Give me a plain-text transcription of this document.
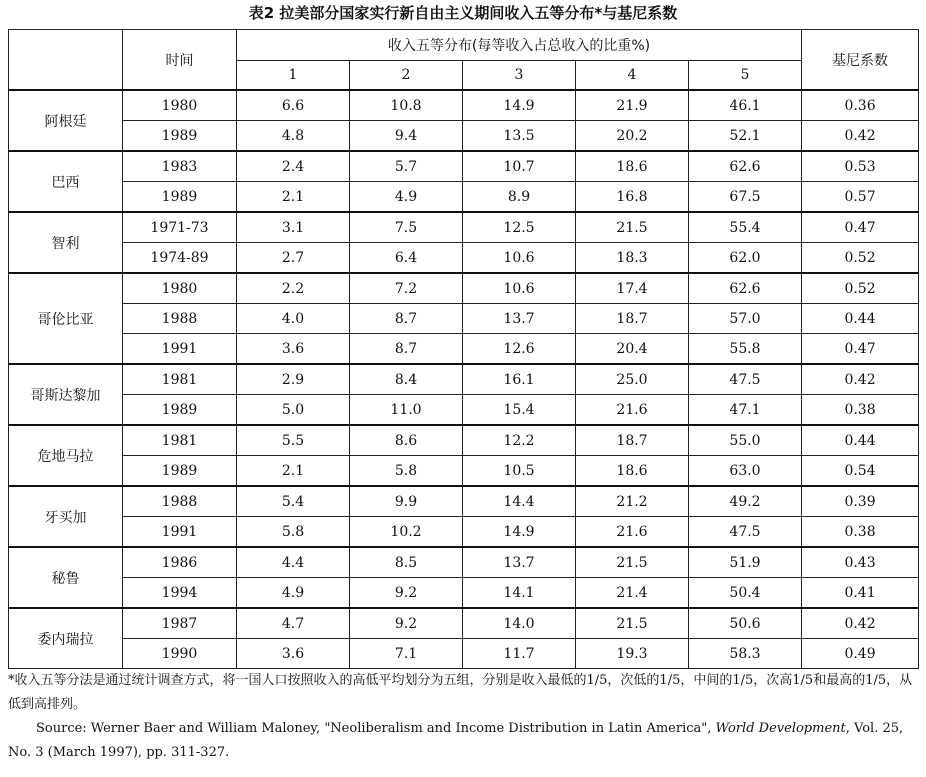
表2 拉美部分国家实行新自由主义期间收入五等分布*与基尼系数
	时间	收入五等分布(每等收入占总收入的比重%)					基尼系数
		1	2	3	4	5	
阿根廷	1980	6.6	10.8	14.9	21.9	46.1	0.36
	1989	4.8	9.4	13.5	20.2	52.1	0.42
巴西	1983	2.4	5.7	10.7	18.6	62.6	0.53
	1989	2.1	4.9	8.9	16.8	67.5	0.57
智利	1971-73	3.1	7.5	12.5	21.5	55.4	0.47
	1974-89	2.7	6.4	10.6	18.3	62.0	0.52
哥伦比亚	1980	2.2	7.2	10.6	17.4	62.6	0.52
	1988	4.0	8.7	13.7	18.7	57.0	0.44
	1991	3.6	8.7	12.6	20.4	55.8	0.47
哥斯达黎加	1981	2.9	8.4	16.1	25.0	47.5	0.42
	1989	5.0	11.0	15.4	21.6	47.1	0.38
危地马拉	1981	5.5	8.6	12.2	18.7	55.0	0.44
	1989	2.1	5.8	10.5	18.6	63.0	0.54
牙买加	1988	5.4	9.9	14.4	21.2	49.2	0.39
	1991	5.8	10.2	14.9	21.6	47.5	0.38
秘鲁	1986	4.4	8.5	13.7	21.5	51.9	0.43
	1994	4.9	9.2	14.1	21.4	50.4	0.41
委内瑞拉	1987	4.7	9.2	14.0	21.5	50.6	0.42
	1990	3.6	7.1	11.7	19.3	58.3	0.49

*收入五等分法是通过统计调查方式，将一国人口按照收入的高低平均划分为五组，分别是收入最低的1/5，次低的1/5，中间的1/5，次高1/5和最高的1/5，从低到高排列。

Source: Werner Baer and William Maloney, "Neoliberalism and Income Distribution in Latin America", World Development, Vol. 25, No. 3 (March 1997), pp. 311-327.
